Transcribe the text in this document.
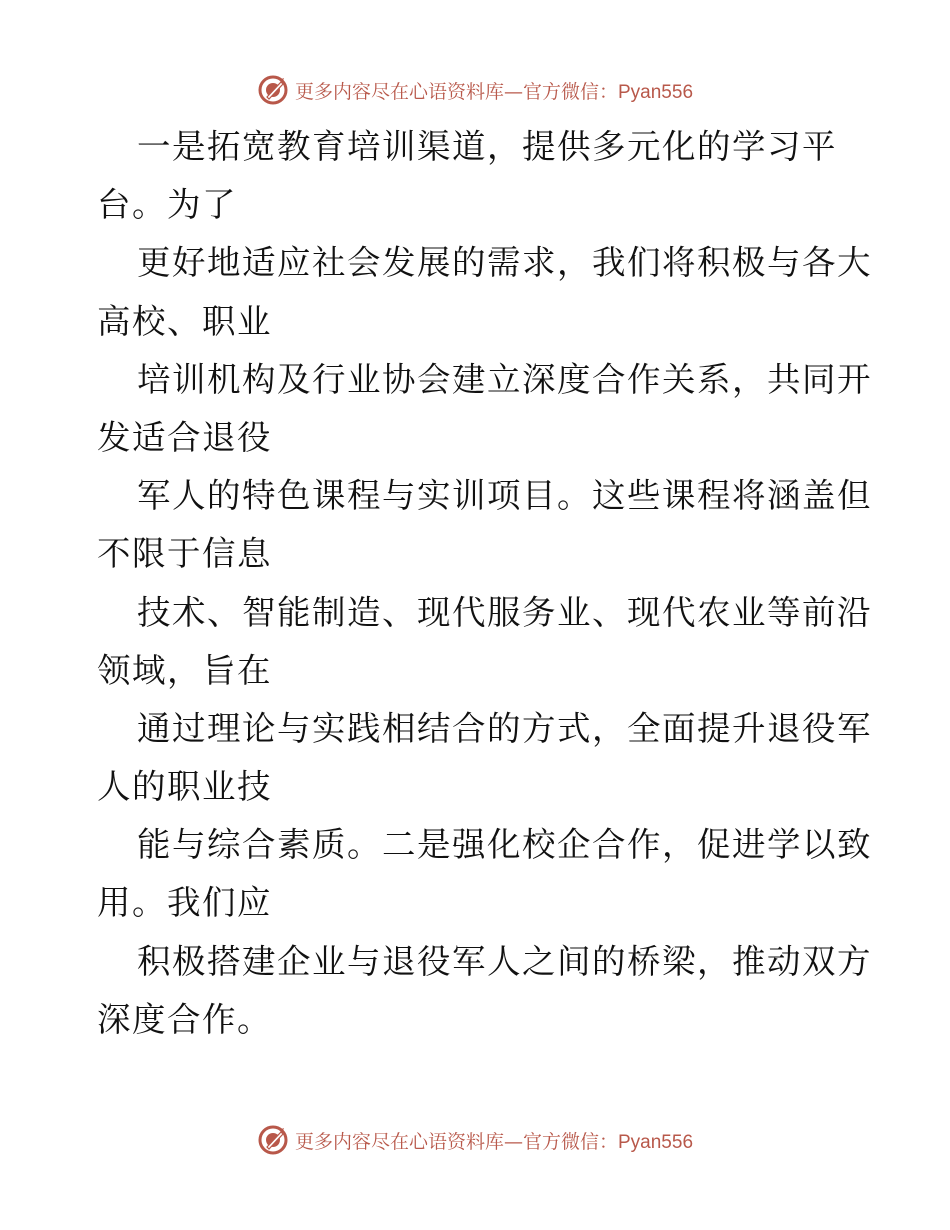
更多内容尽在心语资料库—官方微信：Pyan556
一是拓宽教育培训渠道，提供多元化的学习平
台。为了
更好地适应社会发展的需求，我们将积极与各大
高校、职业
培训机构及行业协会建立深度合作关系，共同开
发适合退役
军人的特色课程与实训项目。这些课程将涵盖但
不限于信息
技术、智能制造、现代服务业、现代农业等前沿
领域，旨在
通过理论与实践相结合的方式，全面提升退役军
人的职业技
能与综合素质。二是强化校企合作，促进学以致
用。我们应
积极搭建企业与退役军人之间的桥梁，推动双方
深度合作。
更多内容尽在心语资料库—官方微信：Pyan556
